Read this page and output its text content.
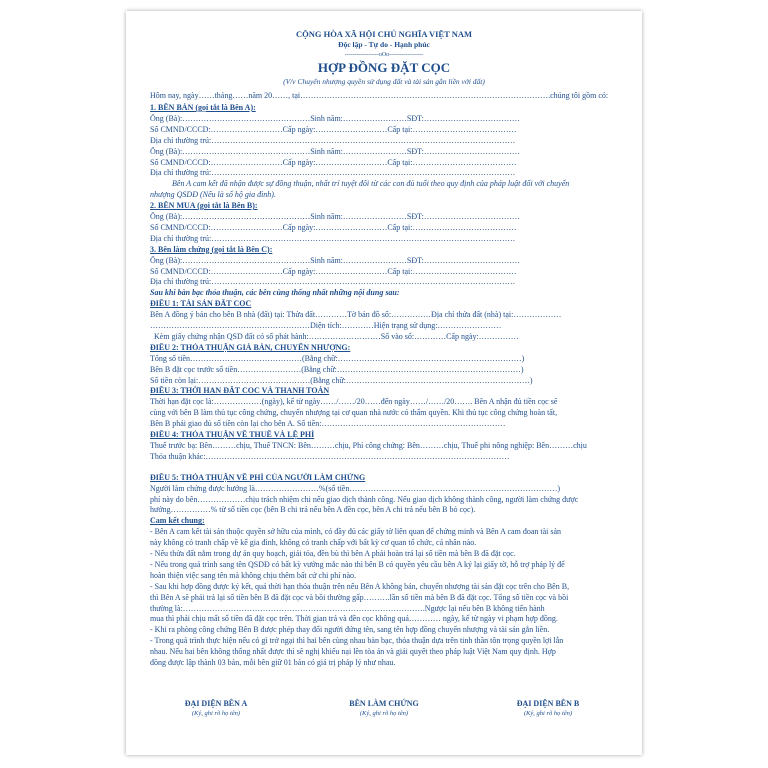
CỘNG HÒA XÃ HỘI CHỦ NGHĨA VIỆT NAM
Độc lập - Tự do - Hạnh phúc
-----------------oOo-----------------
HỢP ĐỒNG ĐẶT CỌC
(V/v Chuyển nhượng quyền sử dụng đất và tài sản gắn liền với đất)
Hôm nay, ngày……tháng……năm 20……, tại………………………………………………………………………………….chúng tôi gồm có:
1. BÊN BÁN (gọi tắt là Bên A):
Ông (Bà):…………………………………………Sinh năm:……………………SĐT:………………………………
Số CMND/CCCD:………………………Cấp ngày:………………………Cấp tại:…………………………………
Địa chỉ thường trú:……………………………………………………………………………………………………
Ông (Bà):…………………………………………Sinh năm:……………………SĐT:………………………………
Số CMND/CCCD:………………………Cấp ngày:………………………Cấp tại:…………………………………
Địa chỉ thường trú:……………………………………………………………………………………………………
Bên A cam kết đã nhận được sự đồng thuận, nhất trí tuyệt đối từ các con đủ tuổi theo quy định của pháp luật đối với chuyển
nhượng QSDĐ (Nếu là sổ hộ gia đình).
2. BÊN MUA (gọi tắt là Bên B):
Ông (Bà):…………………………………………Sinh năm:……………………SĐT:………………………………
Số CMND/CCCD:………………………Cấp ngày:………………………Cấp tại:…………………………………
Địa chỉ thường trú:……………………………………………………………………………………………………
3. Bên làm chứng (gọi tắt là Bên C):
Ông (Bà):…………………………………………Sinh năm:……………………SĐT:………………………………
Số CMND/CCCD:………………………Cấp ngày:………………………Cấp tại:…………………………………
Địa chỉ thường trú:……………………………………………………………………………………………………
Sau khi bàn bạc thỏa thuận, các bên cùng thống nhất những nội dung sau:
ĐIỀU 1: TÀI SẢN ĐẶT CỌC
Bên A đồng ý bán cho bên B nhà (đất) tại: Thửa đất…………Tờ bản đồ số:……………Địa chỉ thửa đất (nhà) tại:………………
……………………………………………………Diện tích:…………Hiện trạng sử dụng:……………………
Kèm giấy chứng nhận QSD đất có số phát hành:………………………Số vào sổ:…………Cấp ngày:……………
ĐIỀU 2: THỎA THUẬN GIÁ BÁN, CHUYỂN NHƯỢNG:
Tổng số tiền……………………………………(Bằng chữ:……………………………………………………………)
Bên B đặt cọc trước số tiền……………………(Bằng chữ:……………………………………………………………)
Số tiền còn lại:……………………………………(Bằng chữ:……………………………………………………………)
ĐIỀU 3: THỜI HẠN ĐẶT CỌC VÀ THANH TOÁN
Thời hạn đặt cọc là:………………(ngày), kể từ ngày……/……/20……đến ngày……/……/20……. Bên A nhận đủ tiền cọc sẽ
cùng với bên B làm thủ tục công chứng, chuyển nhượng tại cơ quan nhà nước có thẩm quyền. Khi thủ tục công chứng hoàn tất,
Bên B phải giao đủ số tiền còn lại cho bên A. Số tiền:……………………………………………………………
ĐIỀU 4: THỎA THUẬN VỀ THUẾ VÀ LỆ PHÍ
Thuế trước bạ: Bên………chịu, Thuế TNCN: Bên………chịu, Phí công chứng: Bên………chịu, Thuế phi nông nghiệp: Bên………chịu
Thỏa thuận khác:……………………………………………………………………………………………………
ĐIỀU 5: THỎA THUẬN VỀ PHÍ CỦA NGƯỜI LÀM CHỨNG
Người làm chứng được hưởng là……………………%(số tiền……………………………………………………………………)
phí này do bên………………chịu trách nhiệm chi nếu giao dịch thành công. Nếu giao dịch không thành công, người làm chứng được
hưởng……………% từ số tiền cọc (bên B chi trả nếu bên A đền cọc, bên A chi trả nếu bên B bỏ cọc).
Cam kết chung:
- Bên A cam kết tài sản thuộc quyền sở hữu của mình, có đầy đủ các giấy tờ liên quan để chứng minh và Bên A cam đoan tài sản
này không có tranh chấp về kế gia đình, không có tranh chấp với bất kỳ cơ quan tổ chức, cá nhân nào.
- Nếu thửa đất nằm trong dự án quy hoạch, giải tỏa, đền bù thì bên A phải hoàn trả lại số tiền mà bên B đã đặt cọc.
- Nếu trong quá trình sang tên QSDĐ có bất kỳ vướng mắc nào thì bên B có quyền yêu cầu bên A ký lại giấy tờ, hỗ trợ pháp lý để
hoàn thiện việc sang tên mà không chịu thêm bất cứ chi phí nào.
- Sau khi hợp đồng được ký kết, quá thời hạn thỏa thuận trên nếu Bên A không bán, chuyển nhượng tài sản đặt cọc trên cho Bên B,
thì Bên A sẽ phải trả lại số tiền bên B đã đặt cọc và bồi thường gấp……….lần số tiền mà bên B đã đặt cọc. Tổng số tiền cọc và bồi
thường là:……………………………………………………………………………….Ngược lại nếu bên B không tiến hành
mua thì phải chịu mất số tiền đã đặt cọc trên. Thời gian trả và đền cọc không quá………… ngày, kể từ ngày vi phạm hợp đồng.
- Khi ra phòng công chứng Bên B được phép thay đổi người đứng tên, sang tên hợp đồng chuyển nhượng và tài sản gắn liền.
- Trong quá trình thực hiện nếu có gì trở ngại thì hai bên cùng nhau bàn bạc, thỏa thuận dựa trên tinh thần tôn trọng quyền lợi lẫn
nhau. Nếu hai bên không thống nhất được thì sẽ nghị khiếu nại lên tòa án và giải quyết theo pháp luật Việt Nam quy định. Hợp
đồng được lập thành 03 bản, mỗi bên giữ 01 bản có giá trị pháp lý như nhau.
ĐẠI DIỆN BÊN A
(Ký, ghi rõ họ tên)
BÊN LÀM CHỨNG
(Ký, ghi rõ họ tên)
ĐẠI DIỆN BÊN B
(Ký, ghi rõ họ tên)
